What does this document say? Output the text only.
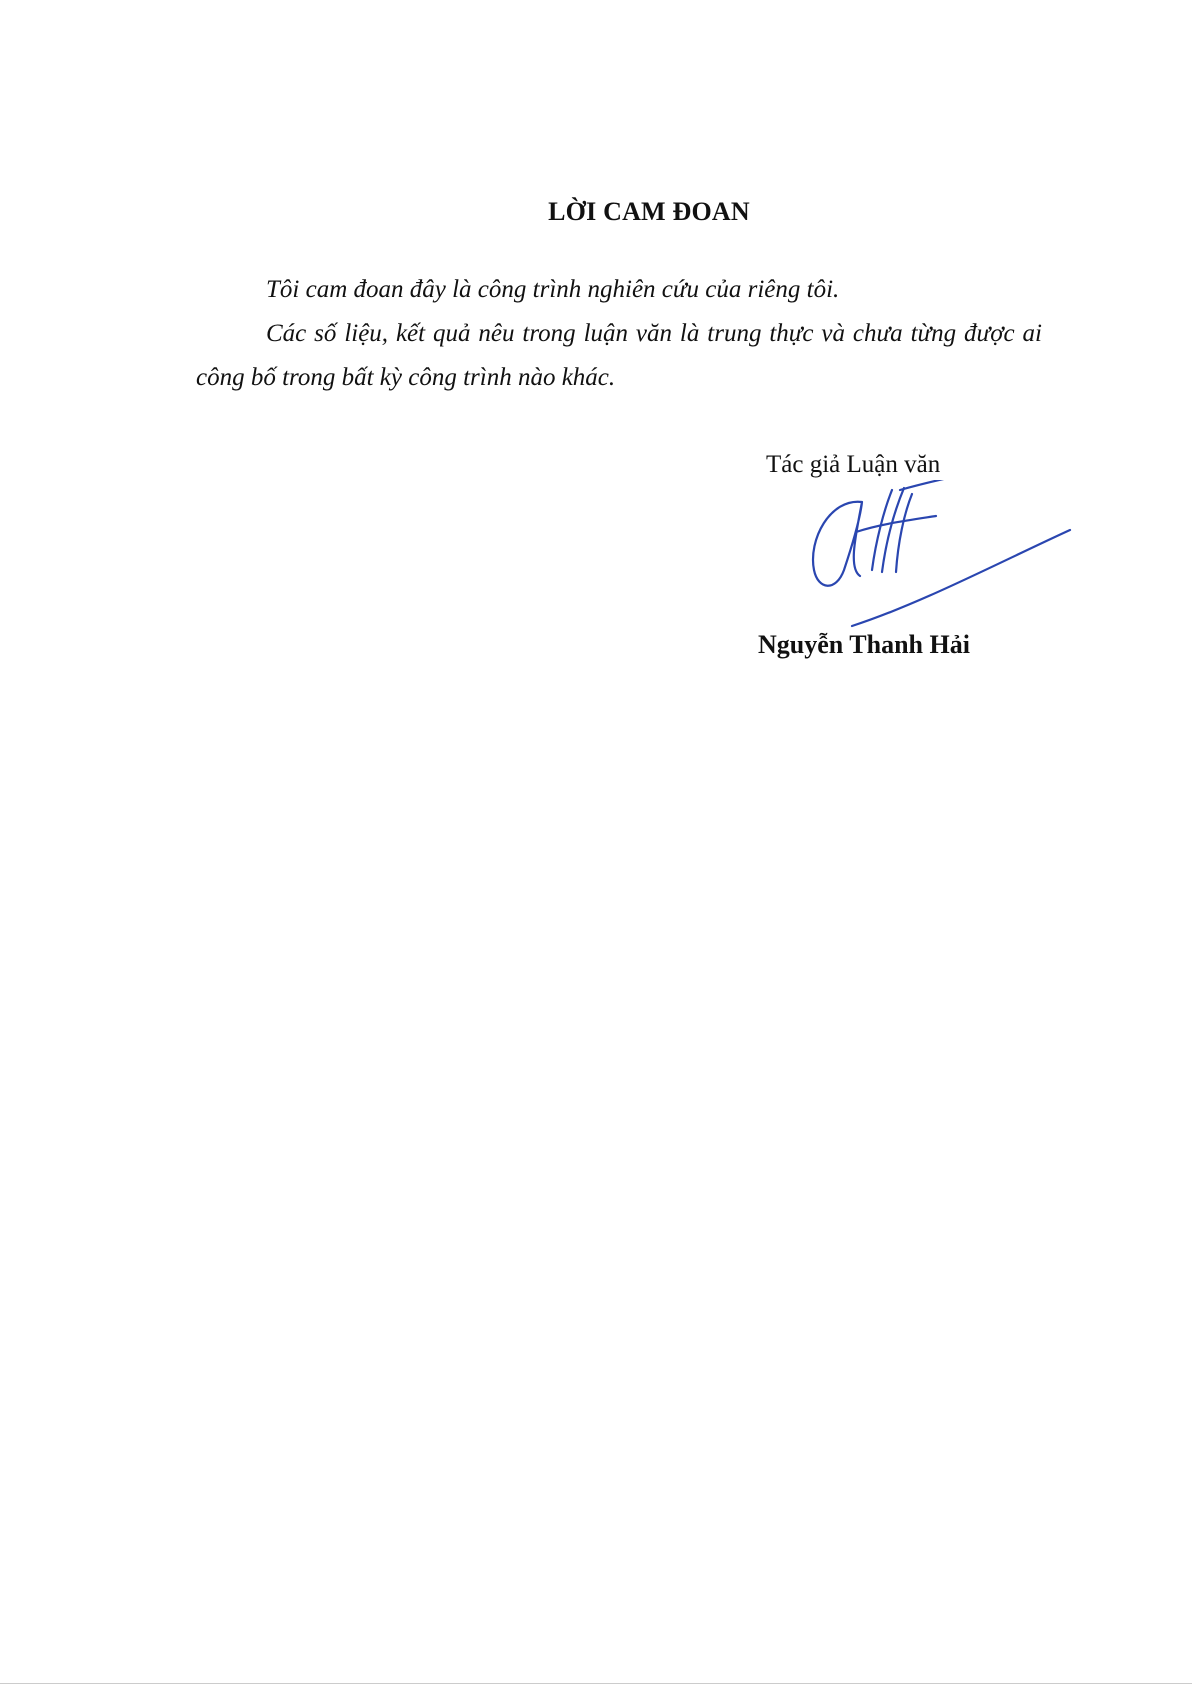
LỜI CAM ĐOAN

Tôi cam đoan đây là công trình nghiên cứu của riêng tôi.

Các số liệu, kết quả nêu trong luận văn là trung thực và chưa từng được ai công bố trong bất kỳ công trình nào khác.

Tác giả Luận văn

Nguyễn Thanh Hải
